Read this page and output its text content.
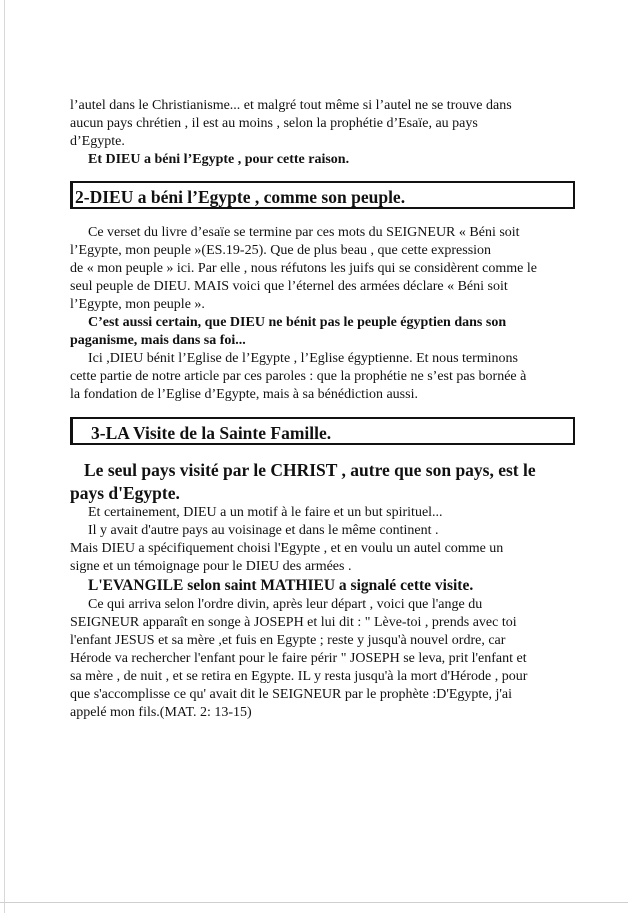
l’autel dans le Christianisme... et malgré tout même si l’autel ne se trouve dans

aucun pays chrétien , il est au moins , selon la prophétie d’Esaïe, au pays

d’Egypte.

Et DIEU a béni l’Egypte , pour cette raison.

2-DIEU a béni l’Egypte , comme son peuple.

Ce verset du livre d’esaïe se termine par ces mots du SEIGNEUR « Béni soit

l’Egypte, mon peuple »(ES.19-25). Que de plus beau , que cette expression

de « mon peuple » ici. Par elle , nous réfutons les juifs qui se considèrent comme le

seul peuple de DIEU. MAIS voici que l’éternel des armées déclare « Béni soit

l’Egypte, mon peuple ».

C’est aussi certain, que DIEU ne bénit pas le peuple égyptien dans son

paganisme, mais dans sa foi...

Ici ,DIEU bénit l’Eglise de l’Egypte , l’Eglise égyptienne. Et nous terminons

cette partie de notre article par ces paroles : que la prophétie ne s’est pas bornée à

la fondation de l’Eglise d’Egypte, mais à sa bénédiction aussi.

3-LA Visite de la Sainte Famille.

Le seul pays visité par le CHRIST , autre que son pays, est le

pays d'Egypte.

Et certainement, DIEU a un motif à le faire et un but spirituel...

Il y avait d'autre pays au voisinage et dans le même continent .

Mais DIEU a spécifiquement choisi l'Egypte , et en voulu un autel comme un

signe et un témoignage pour le DIEU des armées .

L'EVANGILE selon saint MATHIEU a signalé cette visite.

Ce qui arriva selon l'ordre divin, après leur départ , voici que l'ange du

SEIGNEUR apparaît en songe à JOSEPH et lui dit : " Lève-toi , prends avec toi

l'enfant JESUS et sa mère ,et fuis en Egypte ; reste y jusqu'à nouvel ordre, car

Hérode va rechercher l'enfant pour le faire périr " JOSEPH se leva, prit l'enfant et

sa mère , de nuit , et se retira en Egypte. IL y resta jusqu'à la mort d'Hérode , pour

que s'accomplisse ce qu' avait dit le SEIGNEUR par le prophète :D'Egypte, j'ai

appelé mon fils.(MAT. 2: 13-15)
